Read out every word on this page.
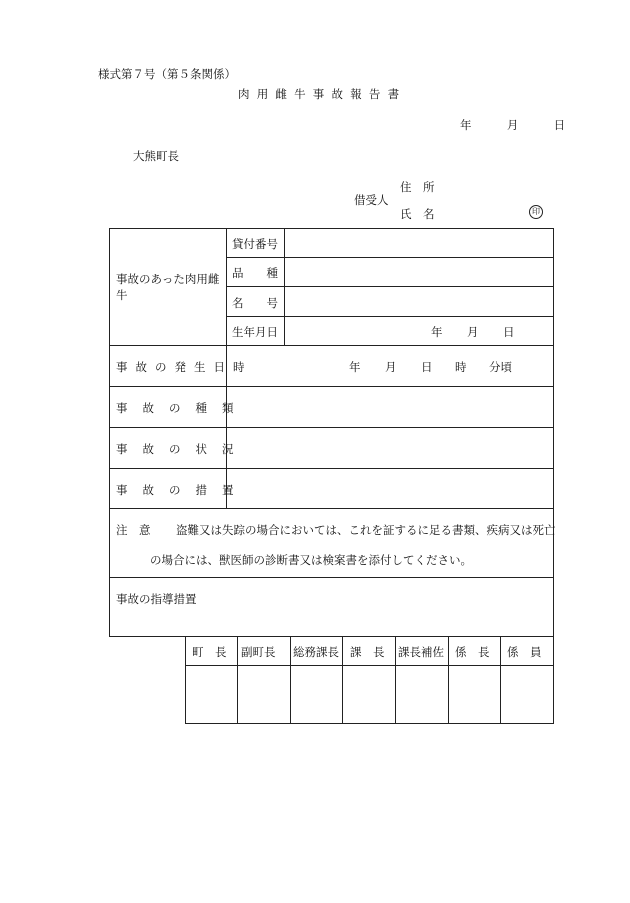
様式第７号（第５条関係）
肉用雌牛事故報告書
年	月	日
大熊町長
借受人
住　所
氏　名	印
事故のあった肉用雌牛
貸付番号
品　　種
名　　号
生年月日	年 月 日
事故の発生日時	年 月 日 時 分頃
事故の種類
事故の状況
事故の措置
注　意 盗難又は失踪の場合においては、これを証するに足る書類、疾病又は死亡
の場合には、獣医師の診断書又は検案書を添付してください。
事故の指導措置
町　長 副町長 総務課長 課　長 課長補佐 係　長 係　員
